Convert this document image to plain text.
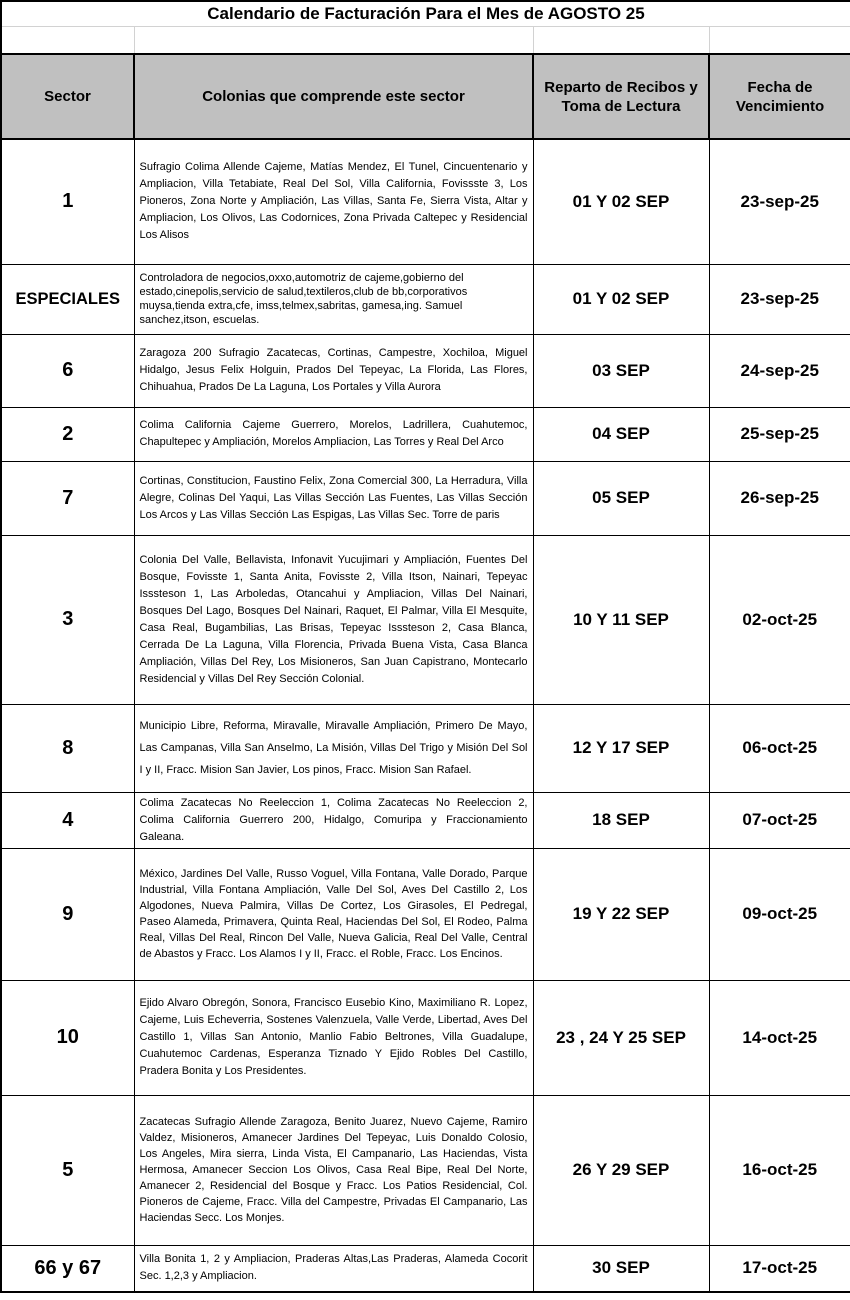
Calendario de Facturación Para el Mes de AGOSTO 25			

Sector	Colonias que comprende este sector	Reparto de Recibos y Toma de Lectura	Fecha de Vencimiento
1	Sufragio Colima Allende Cajeme, Matías Mendez, El Tunel, Cincuentenario y Ampliacion, Villa Tetabiate, Real Del Sol, Villa California, Fovissste 3, Los Pioneros, Zona Norte y Ampliación, Las Villas, Santa Fe, Sierra Vista, Altar y Ampliacion, Los Olivos, Las Codornices, Zona Privada Caltepec y Residencial Los Alisos	01 Y 02 SEP	23-sep-25
ESPECIALES	Controladora de negocios,oxxo,automotriz de cajeme,gobierno del estado,cinepolis,servicio de salud,textileros,club de bb,corporativos muysa,tienda extra,cfe, imss,telmex,sabritas, gamesa,ing. Samuel sanchez,itson, escuelas.	01 Y 02 SEP	23-sep-25
6	Zaragoza 200 Sufragio Zacatecas, Cortinas, Campestre, Xochiloa, Miguel Hidalgo, Jesus Felix Holguin, Prados Del Tepeyac, La Florida, Las Flores, Chihuahua, Prados De La Laguna, Los Portales y Villa Aurora	03 SEP	24-sep-25
2	Colima California Cajeme Guerrero, Morelos, Ladrillera, Cuahutemoc, Chapultepec y Ampliación, Morelos Ampliacion, Las Torres y Real Del Arco	04 SEP	25-sep-25
7	Cortinas, Constitucion, Faustino Felix, Zona Comercial 300, La Herradura, Villa Alegre, Colinas Del Yaqui, Las Villas Sección Las Fuentes, Las Villas Sección Los Arcos y Las Villas Sección Las Espigas, Las Villas Sec. Torre de paris	05 SEP	26-sep-25
3	Colonia Del Valle, Bellavista, Infonavit Yucujimari y Ampliación, Fuentes Del Bosque, Fovisste 1, Santa Anita, Fovisste 2, Villa Itson, Nainari, Tepeyac Isssteson 1, Las Arboledas, Otancahui y Ampliacion, Villas Del Nainari, Bosques Del Lago, Bosques Del Nainari, Raquet, El Palmar, Villa El Mesquite, Casa Real, Bugambilias, Las Brisas, Tepeyac Isssteson 2, Casa Blanca, Cerrada De La Laguna, Villa Florencia, Privada Buena Vista, Casa Blanca Ampliación, Villas Del Rey, Los Misioneros, San Juan Capistrano, Montecarlo Residencial y Villas Del Rey Sección Colonial.	10 Y 11 SEP	02-oct-25
8	Municipio Libre, Reforma, Miravalle, Miravalle Ampliación, Primero De Mayo, Las Campanas, Villa San Anselmo, La Misión, Villas Del Trigo y Misión Del Sol I y II, Fracc. Mision San Javier, Los pinos, Fracc. Mision San Rafael.	12 Y 17 SEP	06-oct-25
4	Colima Zacatecas No Reeleccion 1, Colima Zacatecas No Reeleccion 2, Colima California Guerrero 200, Hidalgo, Comuripa y Fraccionamiento Galeana.	18 SEP	07-oct-25
9	México, Jardines Del Valle, Russo Voguel, Villa Fontana, Valle Dorado, Parque Industrial, Villa Fontana Ampliación, Valle Del Sol, Aves Del Castillo 2, Los Algodones, Nueva Palmira, Villas De Cortez, Los Girasoles, El Pedregal, Paseo Alameda, Primavera, Quinta Real, Haciendas Del Sol, El Rodeo, Palma Real, Villas Del Real, Rincon Del Valle, Nueva Galicia, Real Del Valle, Central de Abastos y Fracc. Los Alamos I y II, Fracc. el Roble, Fracc. Los Encinos.	19 Y 22 SEP	09-oct-25
10	Ejido Alvaro Obregón, Sonora, Francisco Eusebio Kino, Maximiliano R. Lopez, Cajeme, Luis Echeverria, Sostenes Valenzuela, Valle Verde, Libertad, Aves Del Castillo 1, Villas San Antonio, Manlio Fabio Beltrones, Villa Guadalupe, Cuahutemoc Cardenas, Esperanza Tiznado Y Ejido Robles Del Castillo, Pradera Bonita y Los Presidentes.	23 , 24 Y 25 SEP	14-oct-25
5	Zacatecas Sufragio Allende Zaragoza, Benito Juarez, Nuevo Cajeme, Ramiro Valdez, Misioneros, Amanecer Jardines Del Tepeyac, Luis Donaldo Colosio, Los Angeles, Mira sierra, Linda Vista, El Campanario, Las Haciendas, Vista Hermosa, Amanecer Seccion Los Olivos, Casa Real Bipe, Real Del Norte, Amanecer 2, Residencial del Bosque y Fracc. Los Patios Residencial, Col. Pioneros de Cajeme, Fracc. Villa del Campestre, Privadas El Campanario, Las Haciendas Secc. Los Monjes.	26 Y 29 SEP	16-oct-25
66 y 67	Villa Bonita 1, 2 y Ampliacion, Praderas Altas,Las Praderas, Alameda Cocorit Sec. 1,2,3 y Ampliacion.	30 SEP	17-oct-25
